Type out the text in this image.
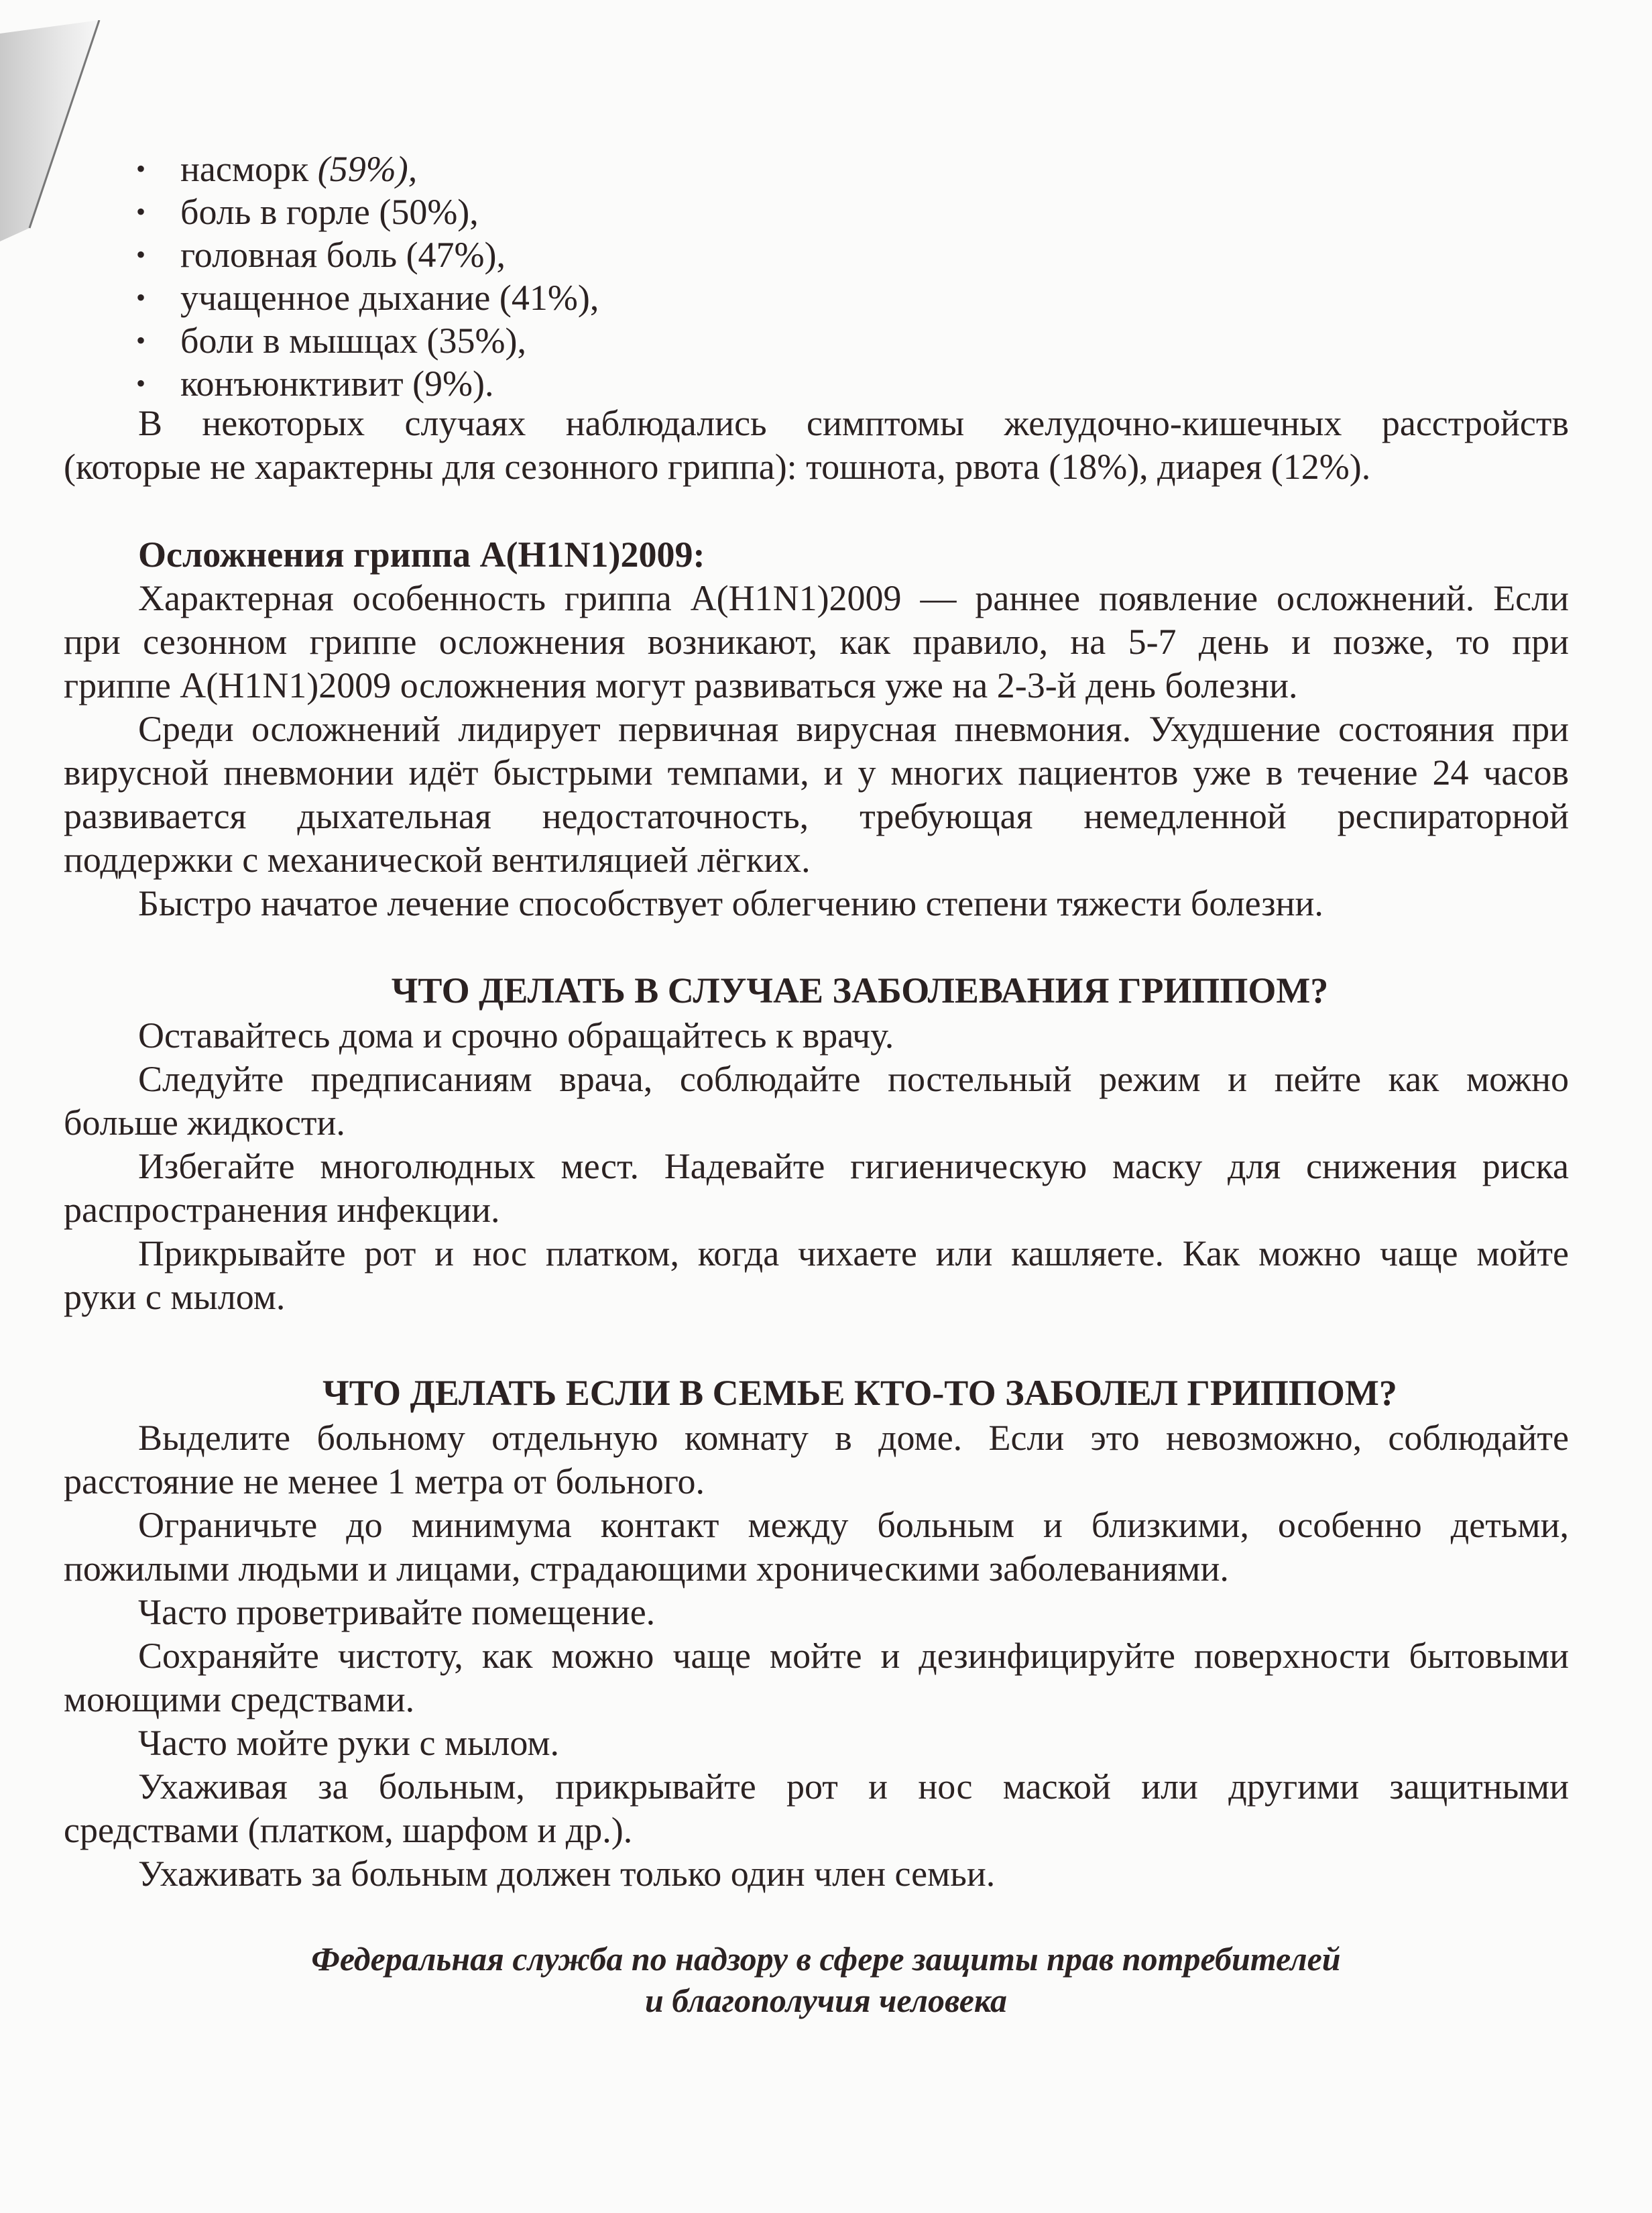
• насморк (59%),
• боль в горле (50%),
• головная боль (47%),
• учащенное дыхание (41%),
• боли в мышцах (35%),
• конъюнктивит (9%).
В некоторых случаях наблюдались симптомы желудочно-кишечных расстройств
(которые не характерны для сезонного гриппа): тошнота, рвота (18%), диарея (12%).
Осложнения гриппа A(H1N1)2009:
Характерная особенность гриппа A(H1N1)2009 — раннее появление осложнений. Если
при сезонном гриппе осложнения возникают, как правило, на 5-7 день и позже, то при
гриппе A(H1N1)2009 осложнения могут развиваться уже на 2-3-й день болезни.
Среди осложнений лидирует первичная вирусная пневмония. Ухудшение состояния при
вирусной пневмонии идёт быстрыми темпами, и у многих пациентов уже в течение 24 часов
развивается дыхательная недостаточность, требующая немедленной респираторной
поддержки с механической вентиляцией лёгких.
Быстро начатое лечение способствует облегчению степени тяжести болезни.
ЧТО ДЕЛАТЬ В СЛУЧАЕ ЗАБОЛЕВАНИЯ ГРИППОМ?
Оставайтесь дома и срочно обращайтесь к врачу.
Следуйте предписаниям врача, соблюдайте постельный режим и пейте как можно
больше жидкости.
Избегайте многолюдных мест. Надевайте гигиеническую маску для снижения риска
распространения инфекции.
Прикрывайте рот и нос платком, когда чихаете или кашляете. Как можно чаще мойте
руки с мылом.
ЧТО ДЕЛАТЬ ЕСЛИ В СЕМЬЕ КТО-ТО ЗАБОЛЕЛ ГРИППОМ?
Выделите больному отдельную комнату в доме. Если это невозможно, соблюдайте
расстояние не менее 1 метра от больного.
Ограничьте до минимума контакт между больным и близкими, особенно детьми,
пожилыми людьми и лицами, страдающими хроническими заболеваниями.
Часто проветривайте помещение.
Сохраняйте чистоту, как можно чаще мойте и дезинфицируйте поверхности бытовыми
моющими средствами.
Часто мойте руки с мылом.
Ухаживая за больным, прикрывайте рот и нос маской или другими защитными
средствами (платком, шарфом и др.).
Ухаживать за больным должен только один член семьи.
Федеральная служба по надзору в сфере защиты прав потребителей
и благополучия человека
